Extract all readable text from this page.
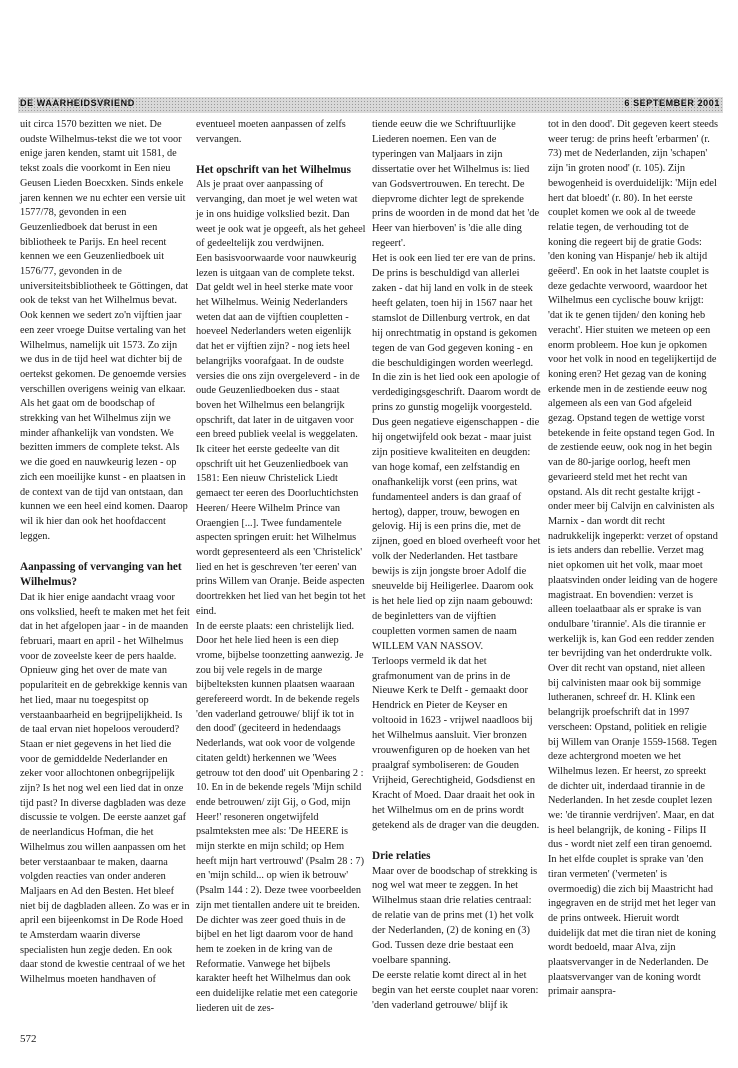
DE WAARHEIDSVRIEND	6 SEPTEMBER 2001

uit circa 1570 bezitten we niet. De oudste Wilhelmus-tekst die we tot voor enige jaren kenden, stamt uit 1581, de tekst zoals die voorkomt in Een nieu Geusen Lieden Boecxken. Sinds enkele jaren kennen we nu echter een versie uit 1577/78, gevonden in een Geuzenliedboek dat berust in een bibliotheek te Parijs. En heel recent kennen we een Geuzenliedboek uit 1576/77, gevonden in de universiteitsbibliotheek te Göttingen, dat ook de tekst van het Wilhelmus bevat. Ook kennen we sedert zo'n vijftien jaar een zeer vroege Duitse vertaling van het Wilhelmus, namelijk uit 1573. Zo zijn we dus in de tijd heel wat dichter bij de oertekst gekomen. De genoemde versies verschillen overigens weinig van elkaar.

Als het gaat om de boodschap of strekking van het Wilhelmus zijn we minder afhankelijk van vondsten. We bezitten immers de complete tekst. Als we die goed en nauwkeurig lezen - op zich een moeilijke kunst - en plaatsen in de context van de tijd van ontstaan, dan kunnen we een heel eind komen. Daarop wil ik hier dan ook het hoofdaccent leggen.

Aanpassing of vervanging van het Wilhelmus?

Dat ik hier enige aandacht vraag voor ons volkslied, heeft te maken met het feit dat in het afgelopen jaar - in de maanden februari, maart en april - het Wilhelmus voor de zoveelste keer de pers haalde. Opnieuw ging het over de mate van populariteit en de gebrekkige kennis van het lied, maar nu toegespitst op verstaanbaarheid en begrijpelijkheid. Is de taal ervan niet hopeloos verouderd? Staan er niet gegevens in het lied die voor de gemiddelde Nederlander en zeker voor allochtonen onbegrijpelijk zijn? Is het nog wel een lied dat in onze tijd past? In diverse dagbladen was deze discussie te volgen. De eerste aanzet gaf de neerlandicus Hofman, die het Wilhelmus zou willen aanpassen om het beter verstaanbaar te maken, daarna volgden reacties van onder anderen Maljaars en Ad den Besten. Het bleef niet bij de dagbladen alleen. Zo was er in april een bijeenkomst in De Rode Hoed te Amsterdam waarin diverse specialisten hun zegje deden. En ook daar stond de kwestie centraal of we het Wilhelmus moeten handhaven of

eventueel moeten aanpassen of zelfs vervangen.

Het opschrift van het Wilhelmus

Als je praat over aanpassing of vervanging, dan moet je wel weten wat je in ons huidige volkslied bezit. Dan weet je ook wat je opgeeft, als het geheel of gedeeltelijk zou verdwijnen.

Een basisvoorwaarde voor nauwkeurig lezen is uitgaan van de complete tekst. Dat geldt wel in heel sterke mate voor het Wilhelmus. Weinig Nederlanders weten dat aan de vijftien coupletten - hoeveel Nederlanders weten eigenlijk dat het er vijftien zijn? - nog iets heel belangrijks voorafgaat. In de oudste versies die ons zijn overgeleverd - in de oude Geuzenliedboeken dus - staat boven het Wilhelmus een belangrijk opschrift, dat later in de uitgaven voor een breed publiek veelal is weggelaten. Ik citeer het eerste gedeelte van dit opschrift uit het Geuzenliedboek van 1581: Een nieuw Christelick Liedt gemaect ter eeren des Doorluchtichsten Heeren/ Heere Wilhelm Prince van Oraengien [...]. Twee fundamentele aspecten springen eruit: het Wilhelmus wordt gepresenteerd als een 'Christelick' lied en het is geschreven 'ter eeren' van prins Willem van Oranje. Beide aspecten doortrekken het lied van het begin tot het eind.

In de eerste plaats: een christelijk lied. Door het hele lied heen is een diep vrome, bijbelse toonzetting aanwezig. Je zou bij vele regels in de marge bijbelteksten kunnen plaatsen waaraan gerefereerd wordt. In de bekende regels 'den vaderland getrouwe/ blijf ik tot in den dood' (geciteerd in hedendaags Nederlands, wat ook voor de volgende citaten geldt) herkennen we 'Wees getrouw tot den dood' uit Openbaring 2 : 10. En in de bekende regels 'Mijn schild ende betrouwen/ zijt Gij, o God, mijn Heer!' resoneren ongetwijfeld psalmteksten mee als: 'De HEERE is mijn sterkte en mijn schild; op Hem heeft mijn hart vertrouwd' (Psalm 28 : 7) en 'mijn schild... op wien ik betrouw' (Psalm 144 : 2). Deze twee voorbeelden zijn met tientallen andere uit te breiden. De dichter was zeer goed thuis in de bijbel en het ligt daarom voor de hand hem te zoeken in de kring van de Reformatie. Vanwege het bijbels karakter heeft het Wilhelmus dan ook een duidelijke relatie met een categorie liederen uit de zes-

tiende eeuw die we Schriftuurlijke Liederen noemen. Een van de typeringen van Maljaars in zijn dissertatie over het Wilhelmus is: lied van Godsvertrouwen. En terecht. De diepvrome dichter legt de sprekende prins de woorden in de mond dat het 'de Heer van hierboven' is 'die alle ding regeert'.

Het is ook een lied ter ere van de prins. De prins is beschuldigd van allerlei zaken - dat hij land en volk in de steek heeft gelaten, toen hij in 1567 naar het stamslot de Dillenburg vertrok, en dat hij onrechtmatig in opstand is gekomen tegen de van God gegeven koning - en die beschuldigingen worden weerlegd. In die zin is het lied ook een apologie of verdedigingsgeschrift. Daarom wordt de prins zo gunstig mogelijk voorgesteld. Dus geen negatieve eigenschappen - die hij ongetwijfeld ook bezat - maar juist zijn positieve kwaliteiten en deugden: van hoge komaf, een zelfstandig en onafhankelijk vorst (een prins, wat fundamenteel anders is dan graaf of hertog), dapper, trouw, bewogen en gelovig. Hij is een prins die, met de zijnen, goed en bloed overheeft voor het volk der Nederlanden. Het tastbare bewijs is zijn jongste broer Adolf die sneuvelde bij Heiligerlee. Daarom ook is het hele lied op zijn naam gebouwd: de beginletters van de vijftien coupletten vormen samen de naam WILLEM VAN NASSOV.

Terloops vermeld ik dat het grafmonument van de prins in de Nieuwe Kerk te Delft - gemaakt door Hendrick en Pieter de Keyser en voltooid in 1623 - vrijwel naadloos bij het Wilhelmus aansluit. Vier bronzen vrouwenfiguren op de hoeken van het praalgraf symboliseren: de Gouden Vrijheid, Gerechtigheid, Godsdienst en Kracht of Moed. Daar draait het ook in het Wilhelmus om en de prins wordt getekend als de drager van die deugden.

Drie relaties

Maar over de boodschap of strekking is nog wel wat meer te zeggen. In het Wilhelmus staan drie relaties centraal: de relatie van de prins met (1) het volk der Nederlanden, (2) de koning en (3) God. Tussen deze drie bestaat een voelbare spanning.

De eerste relatie komt direct al in het begin van het eerste couplet naar voren: 'den vaderland getrouwe/ blijf ik

tot in den dood'. Dit gegeven keert steeds weer terug: de prins heeft 'erbarmen' (r. 73) met de Nederlanden, zijn 'schapen' zijn 'in groten nood' (r. 105). Zijn bewogenheid is overduidelijk: 'Mijn edel hert dat bloedt' (r. 80). In het eerste couplet komen we ook al de tweede relatie tegen, de verhouding tot de koning die regeert bij de gratie Gods: 'den koning van Hispanje/ heb ik altijd geëerd'. En ook in het laatste couplet is deze gedachte verwoord, waardoor het Wilhelmus een cyclische bouw krijgt: 'dat ik te genen tijden/ den koning heb veracht'. Hier stuiten we meteen op een enorm probleem. Hoe kun je opkomen voor het volk in nood en tegelijkertijd de koning eren? Het gezag van de koning erkende men in de zestiende eeuw nog algemeen als een van God afgeleid gezag. Opstand tegen de wettige vorst betekende in feite opstand tegen God. In de zestiende eeuw, ook nog in het begin van de 80-jarige oorlog, heeft men gevarieerd steld met het recht van opstand. Als dit recht gestalte krijgt - onder meer bij Calvijn en calvinisten als Marnix - dan wordt dit recht nadrukkelijk ingeperkt: verzet of opstand is iets anders dan rebellie. Verzet mag niet opkomen uit het volk, maar moet plaatsvinden onder leiding van de hogere magistraat. En bovendien: verzet is alleen toelaatbaar als er sprake is van ondulbare 'tirannie'. Als die tirannie er werkelijk is, kan God een redder zenden ter bevrijding van het onderdrukte volk. Over dit recht van opstand, niet alleen bij calvinisten maar ook bij sommige lutheranen, schreef dr. H. Klink een belangrijk proefschrift dat in 1997 verscheen: Opstand, politiek en religie bij Willem van Oranje 1559-1568. Tegen deze achtergrond moeten we het Wilhelmus lezen. Er heerst, zo spreekt de dichter uit, inderdaad tirannie in de Nederlanden. In het zesde couplet lezen we: 'de tirannie verdrijven'. Maar, en dat is heel belangrijk, de koning - Filips II dus - wordt niet zelf een tiran genoemd. In het elfde couplet is sprake van 'den tiran vermeten' ('vermeten' is overmoedig) die zich bij Maastricht had ingegraven en de strijd met het leger van de prins ontweek. Hieruit wordt duidelijk dat met die tiran niet de koning wordt bedoeld, maar Alva, zijn plaatsvervanger in de Nederlanden. De plaatsvervanger van de koning wordt primair aanspra-

572
